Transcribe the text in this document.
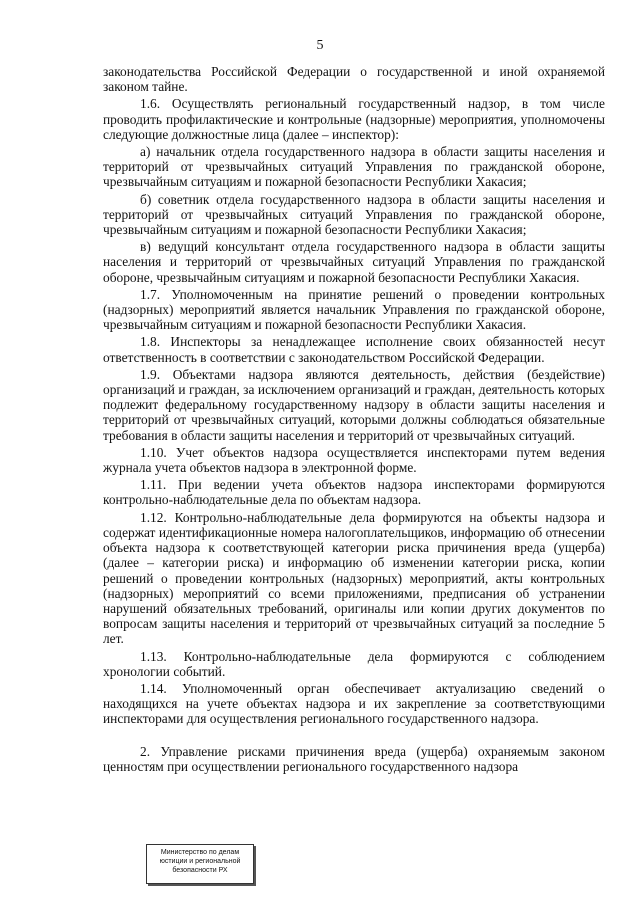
5

законодательства Российской Федерации о государственной и иной охраняемой законом тайне.

1.6. Осуществлять региональный государственный надзор, в том числе проводить профилактические и контрольные (надзорные) мероприятия, уполномочены следующие должностные лица (далее – инспектор):

а) начальник отдела государственного надзора в области защиты населения и территорий от чрезвычайных ситуаций Управления по гражданской обороне, чрезвычайным ситуациям и пожарной безопасности Республики Хакасия;

б) советник отдела государственного надзора в области защиты населения и территорий от чрезвычайных ситуаций Управления по гражданской обороне, чрезвычайным ситуациям и пожарной безопасности Республики Хакасия;

в) ведущий консультант отдела государственного надзора в области защиты населения и территорий от чрезвычайных ситуаций Управления по гражданской обороне, чрезвычайным ситуациям и пожарной безопасности Республики Хакасия.

1.7. Уполномоченным на принятие решений о проведении контрольных (надзорных) мероприятий является начальник Управления по гражданской обороне, чрезвычайным ситуациям и пожарной безопасности Республики Хакасия.

1.8. Инспекторы за ненадлежащее исполнение своих обязанностей несут ответственность в соответствии с законодательством Российской Федерации.

1.9. Объектами надзора являются деятельность, действия (бездействие) организаций и граждан, за исключением организаций и граждан, деятельность которых подлежит федеральному государственному надзору в области защиты населения и территорий от чрезвычайных ситуаций, которыми должны соблюдаться обязательные требования в области защиты населения и территорий от чрезвычайных ситуаций.

1.10. Учет объектов надзора осуществляется инспекторами путем ведения журнала учета объектов надзора в электронной форме.

1.11. При ведении учета объектов надзора инспекторами формируются контрольно-наблюдательные дела по объектам надзора.

1.12. Контрольно-наблюдательные дела формируются на объекты надзора и содержат идентификационные номера налогоплательщиков, информацию об отнесении объекта надзора к соответствующей категории риска причинения вреда (ущерба) (далее – категории риска) и информацию об изменении категории риска, копии решений о проведении контрольных (надзорных) мероприятий, акты контрольных (надзорных) мероприятий со всеми приложениями, предписания об устранении нарушений обязательных требований, оригиналы или копии других документов по вопросам защиты населения и территорий от чрезвычайных ситуаций за последние 5 лет.

1.13. Контрольно-наблюдательные дела формируются с соблюдением хронологии событий.

1.14. Уполномоченный орган обеспечивает актуализацию сведений о находящихся на учете объектах надзора и их закрепление за соответствующими инспекторами для осуществления регионального государственного надзора.

2. Управление рисками причинения вреда (ущерба) охраняемым законом ценностям при осуществлении регионального государственного надзора

Министерство по делам
юстиции и региональной
безопасности РХ
